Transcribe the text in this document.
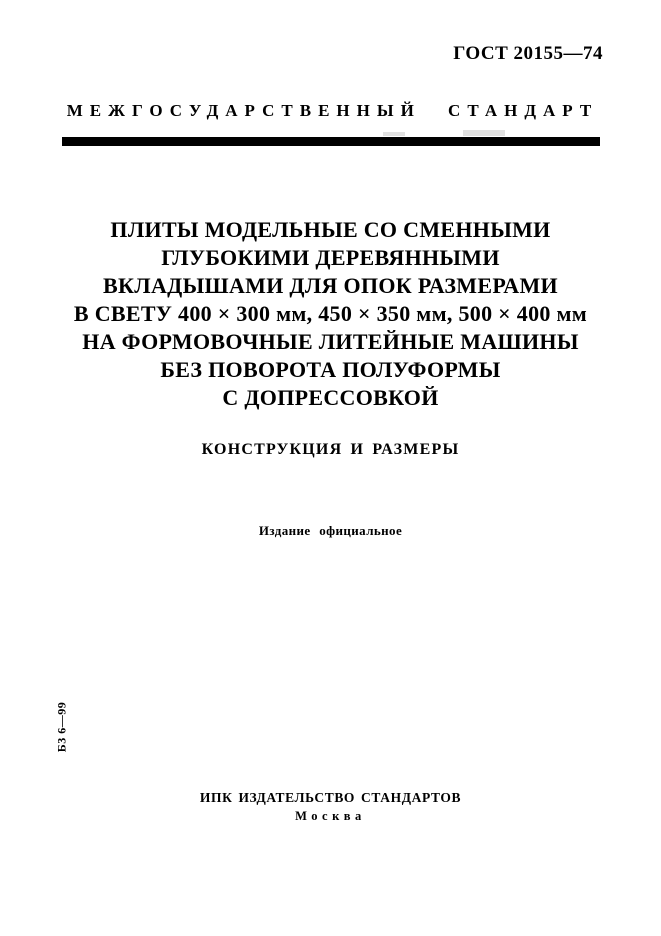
ГОСТ 20155—74
МЕЖГОСУДАРСТВЕННЫЙ СТАНДАРТ
ПЛИТЫ МОДЕЛЬНЫЕ СО СМЕННЫМИ
ГЛУБОКИМИ ДЕРЕВЯННЫМИ
ВКЛАДЫШАМИ ДЛЯ ОПОК РАЗМЕРАМИ
В СВЕТУ 400 × 300 мм, 450 × 350 мм, 500 × 400 мм
НА ФОРМОВОЧНЫЕ ЛИТЕЙНЫЕ МАШИНЫ
БЕЗ ПОВОРОТА ПОЛУФОРМЫ
С ДОПРЕССОВКОЙ
КОНСТРУКЦИЯ И РАЗМЕРЫ
Издание официальное
Б3 6—99
ИПК ИЗДАТЕЛЬСТВО СТАНДАРТОВ
Москва
